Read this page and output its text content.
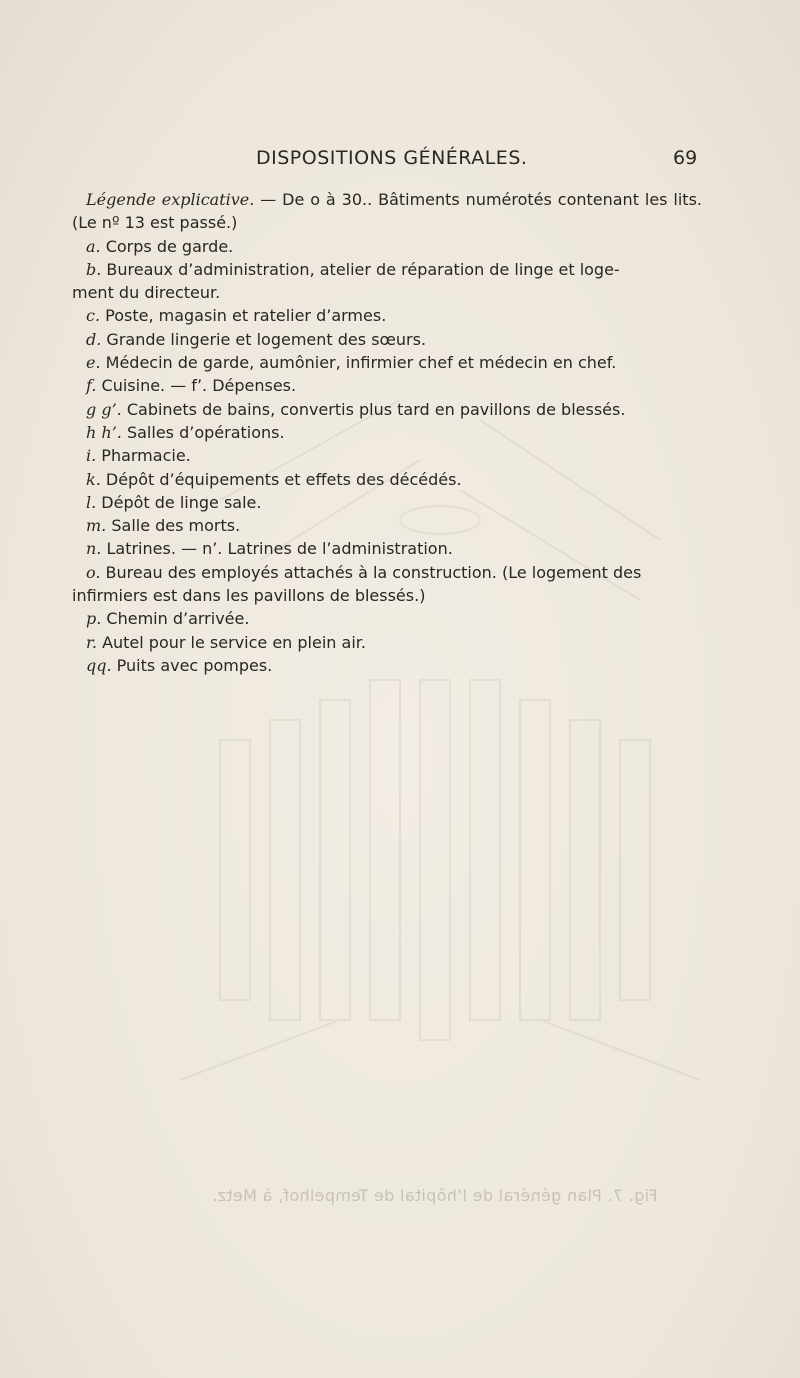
DISPOSITIONS GÉNÉRALES.	69

Légende explicative. — De o à 30.. Bâtiments numérotés contenant les lits. (Le nº 13 est passé.)

a. Corps de garde.

b. Bureaux d’administration, atelier de réparation de linge et loge-

ment du directeur.

c. Poste, magasin et ratelier d’armes.

d. Grande lingerie et logement des sœurs.

e. Médecin de garde, aumônier, infirmier chef et médecin en chef.

f. Cuisine. — f’. Dépenses.

g g’. Cabinets de bains, convertis plus tard en pavillons de blessés.

h h’. Salles d’opérations.

i. Pharmacie.

k. Dépôt d’équipements et effets des décédés.

l. Dépôt de linge sale.

m. Salle des morts.

n. Latrines. — n’. Latrines de l’administration.

o. Bureau des employés attachés à la construction. (Le logement des

infirmiers est dans les pavillons de blessés.)

p. Chemin d’arrivée.

r. Autel pour le service en plein air.

qq. Puits avec pompes.

Fig. 7. Plan général de l’hôpital de Tempelhof, à Metz.
